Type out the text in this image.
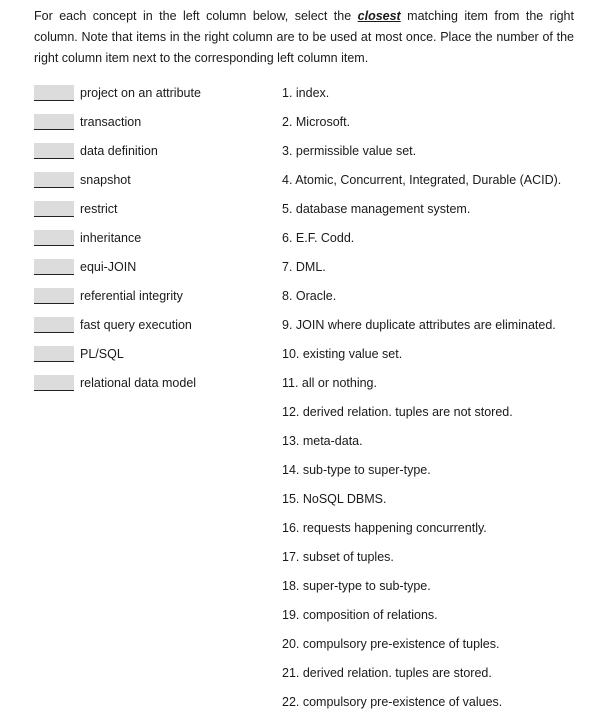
For each concept in the left column below, select the closest matching item from the right column. Note that items in the right column are to be used at most once. Place the number of the right column item next to the corresponding left column item.
project on an attribute
transaction
data definition
snapshot
restrict
inheritance
equi-JOIN
referential integrity
fast query execution
PL/SQL
relational data model
1. index.
2. Microsoft.
3. permissible value set.
4. Atomic, Concurrent, Integrated, Durable (ACID).
5. database management system.
6. E.F. Codd.
7. DML.
8. Oracle.
9. JOIN where duplicate attributes are eliminated.
10. existing value set.
11. all or nothing.
12. derived relation. tuples are not stored.
13. meta-data.
14. sub-type to super-type.
15. NoSQL DBMS.
16. requests happening concurrently.
17. subset of tuples.
18. super-type to sub-type.
19. composition of relations.
20. compulsory pre-existence of tuples.
21. derived relation. tuples are stored.
22. compulsory pre-existence of values.
